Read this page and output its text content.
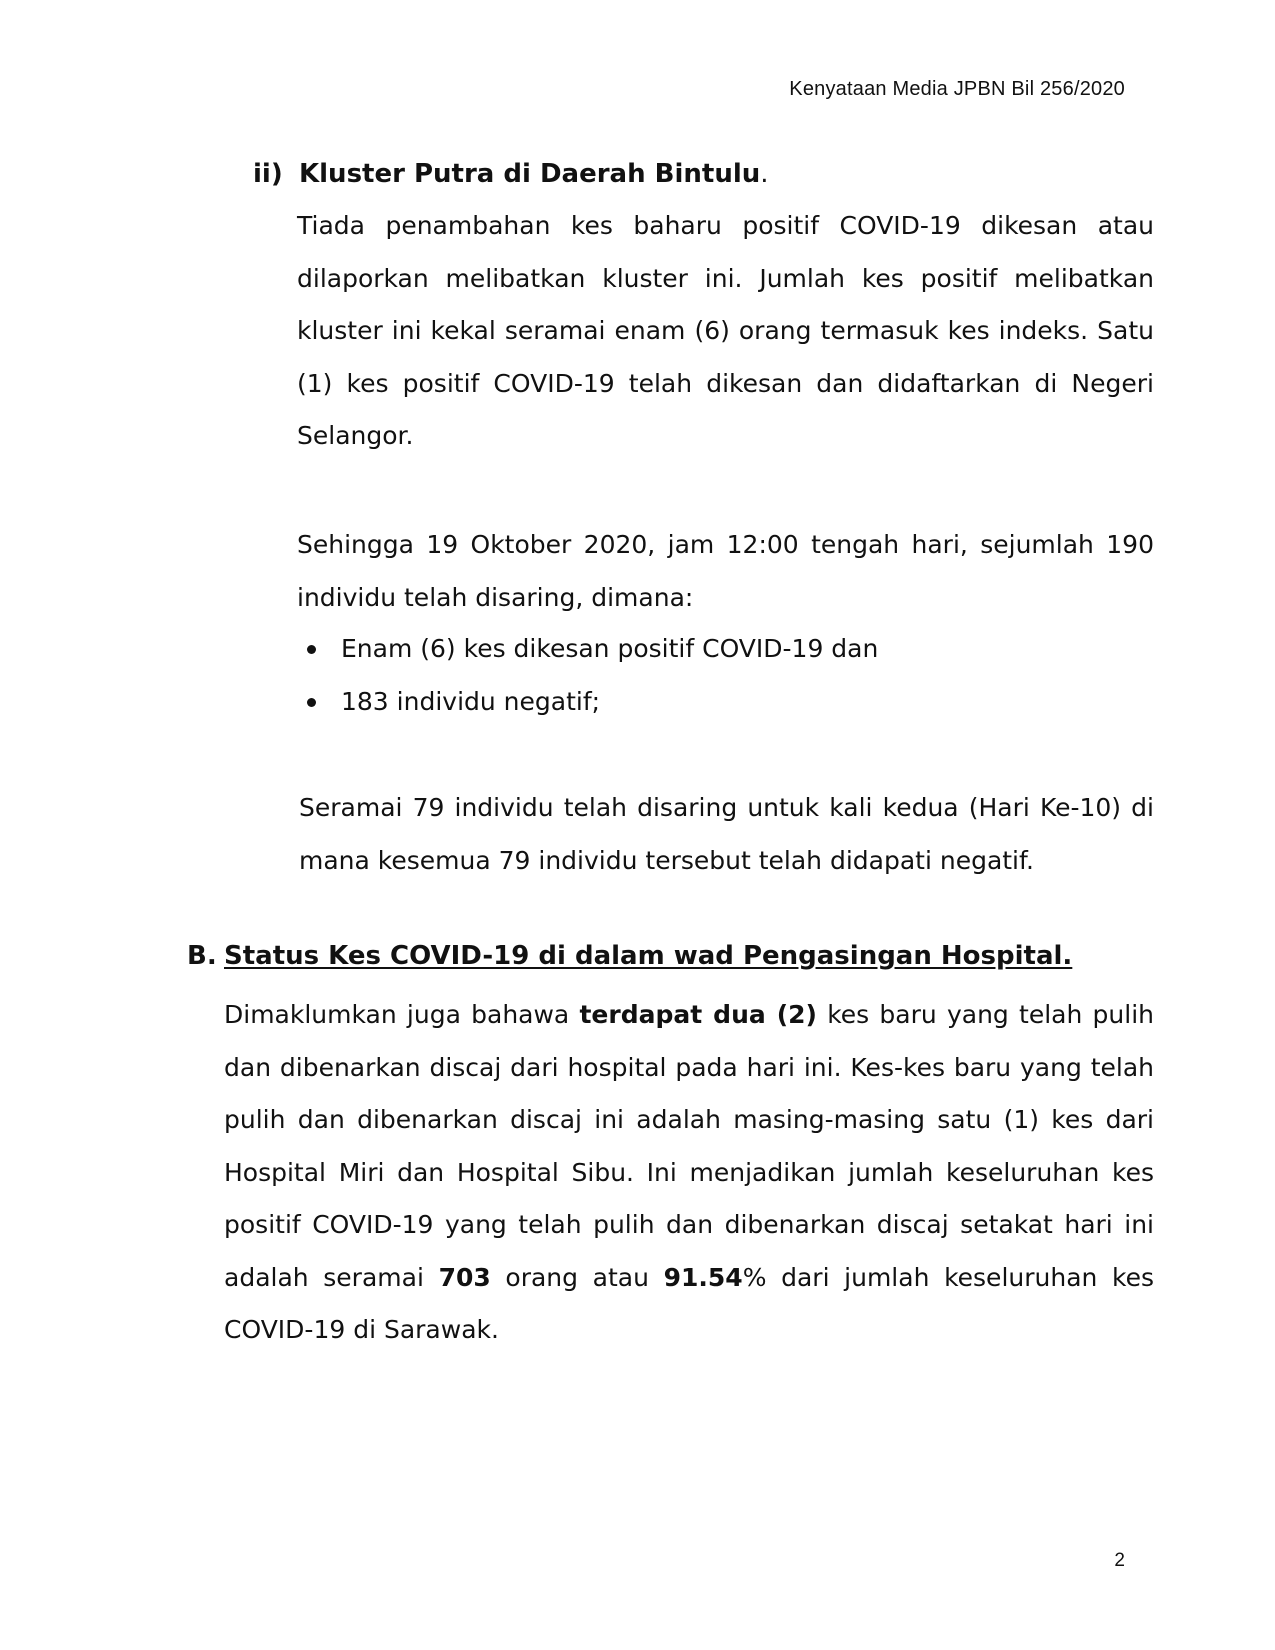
Kenyataan Media JPBN Bil 256/2020
ii) Kluster Putra di Daerah Bintulu.
Tiada penambahan kes baharu positif COVID-19 dikesan atau dilaporkan melibatkan kluster ini. Jumlah kes positif melibatkan kluster ini kekal seramai enam (6) orang termasuk kes indeks. Satu (1) kes positif COVID-19 telah dikesan dan didaftarkan di Negeri Selangor.
Sehingga 19 Oktober 2020, jam 12:00 tengah hari, sejumlah 190 individu telah disaring, dimana:
Enam (6) kes dikesan positif COVID-19 dan
183 individu negatif;
Seramai 79 individu telah disaring untuk kali kedua (Hari Ke-10) di mana kesemua 79 individu tersebut telah didapati negatif.
B. Status Kes COVID-19 di dalam wad Pengasingan Hospital.
Dimaklumkan juga bahawa terdapat dua (2) kes baru yang telah pulih dan dibenarkan discaj dari hospital pada hari ini. Kes-kes baru yang telah pulih dan dibenarkan discaj ini adalah masing-masing satu (1) kes dari Hospital Miri dan Hospital Sibu. Ini menjadikan jumlah keseluruhan kes positif COVID-19 yang telah pulih dan dibenarkan discaj setakat hari ini adalah seramai 703 orang atau 91.54% dari jumlah keseluruhan kes COVID-19 di Sarawak.
2
